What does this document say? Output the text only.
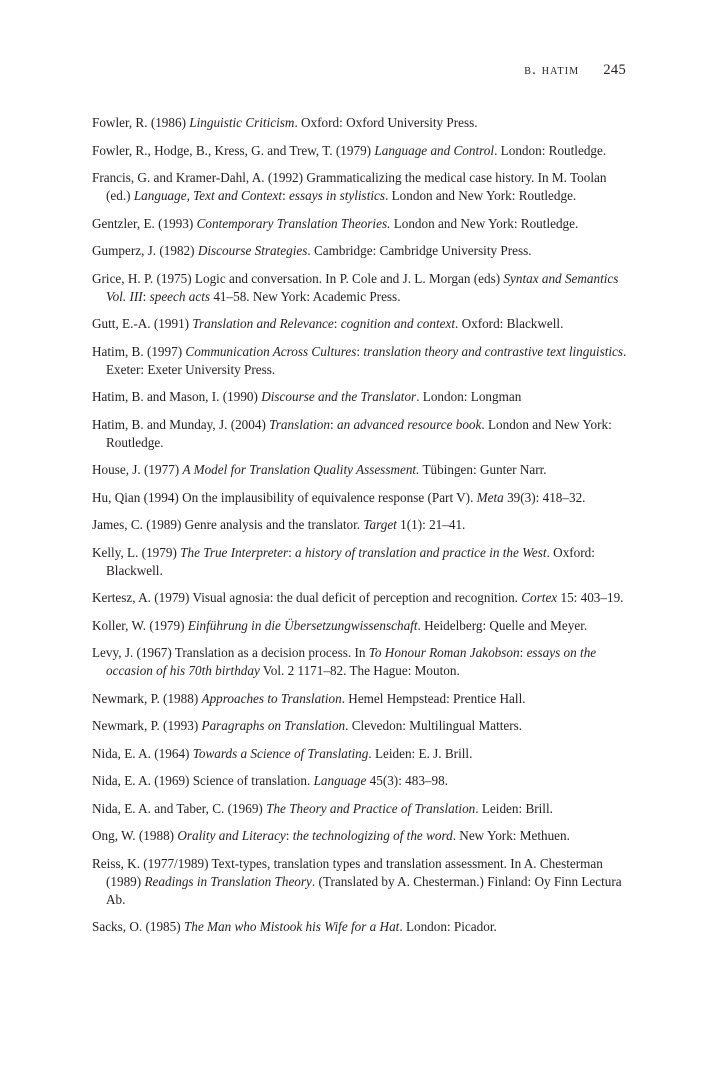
b. hatim 245

Fowler, R. (1986) Linguistic Criticism. Oxford: Oxford University Press.

Fowler, R., Hodge, B., Kress, G. and Trew, T. (1979) Language and Control. London: Routledge.

Francis, G. and Kramer-Dahl, A. (1992) Grammaticalizing the medical case history. In M. Toolan (ed.) Language, Text and Context: essays in stylistics. London and New York: Routledge.

Gentzler, E. (1993) Contemporary Translation Theories. London and New York: Routledge.

Gumperz, J. (1982) Discourse Strategies. Cambridge: Cambridge University Press.

Grice, H. P. (1975) Logic and conversation. In P. Cole and J. L. Morgan (eds) Syntax and Semantics Vol. III: speech acts 41–58. New York: Academic Press.

Gutt, E.-A. (1991) Translation and Relevance: cognition and context. Oxford: Blackwell.

Hatim, B. (1997) Communication Across Cultures: translation theory and contrastive text linguistics. Exeter: Exeter University Press.

Hatim, B. and Mason, I. (1990) Discourse and the Translator. London: Longman

Hatim, B. and Munday, J. (2004) Translation: an advanced resource book. London and New York: Routledge.

House, J. (1977) A Model for Translation Quality Assessment. Tübingen: Gunter Narr.

Hu, Qian (1994) On the implausibility of equivalence response (Part V). Meta 39(3): 418–32.

James, C. (1989) Genre analysis and the translator. Target 1(1): 21–41.

Kelly, L. (1979) The True Interpreter: a history of translation and practice in the West. Oxford: Blackwell.

Kertesz, A. (1979) Visual agnosia: the dual deficit of perception and recognition. Cortex 15: 403–19.

Koller, W. (1979) Einführung in die Übersetzungwissenschaft. Heidelberg: Quelle and Meyer.

Levy, J. (1967) Translation as a decision process. In To Honour Roman Jakobson: essays on the occasion of his 70th birthday Vol. 2 1171–82. The Hague: Mouton.

Newmark, P. (1988) Approaches to Translation. Hemel Hempstead: Prentice Hall.

Newmark, P. (1993) Paragraphs on Translation. Clevedon: Multilingual Matters.

Nida, E. A. (1964) Towards a Science of Translating. Leiden: E. J. Brill.

Nida, E. A. (1969) Science of translation. Language 45(3): 483–98.

Nida, E. A. and Taber, C. (1969) The Theory and Practice of Translation. Leiden: Brill.

Ong, W. (1988) Orality and Literacy: the technologizing of the word. New York: Methuen.

Reiss, K. (1977/1989) Text-types, translation types and translation assessment. In A. Chesterman (1989) Readings in Translation Theory. (Translated by A. Chesterman.) Finland: Oy Finn Lectura Ab.

Sacks, O. (1985) The Man who Mistook his Wife for a Hat. London: Picador.
